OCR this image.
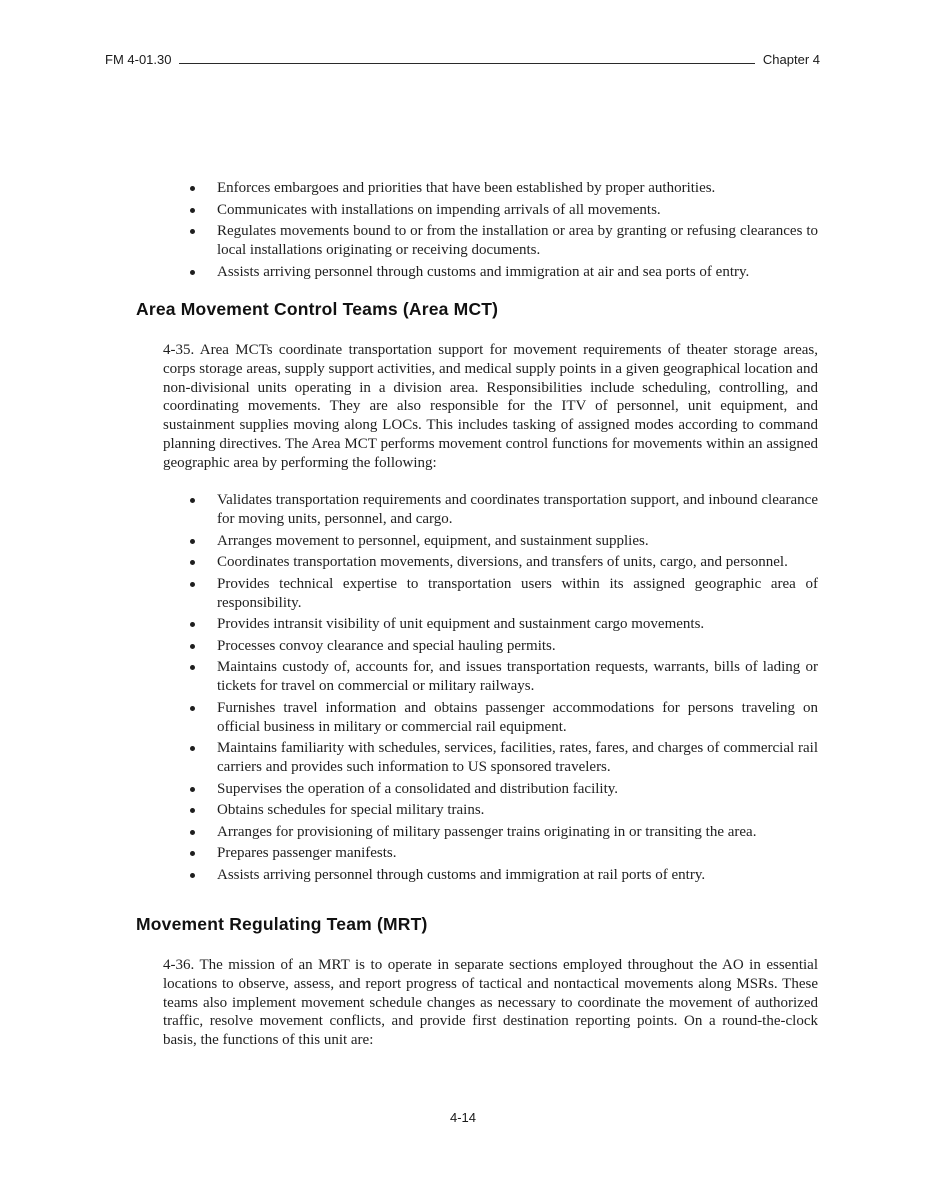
FM 4-01.30	Chapter 4
Enforces embargoes and priorities that have been established by proper authorities.
Communicates with installations on impending arrivals of all movements.
Regulates movements bound to or from the installation or area by granting or refusing clearances to local installations originating or receiving documents.
Assists arriving personnel through customs and immigration at air and sea ports of entry.
Area Movement Control Teams (Area MCT)

4-35. Area MCTs coordinate transportation support for movement requirements of theater storage areas, corps storage areas, supply support activities, and medical supply points in a given geographical location and non-divisional units operating in a division area. Responsibilities include scheduling, controlling, and coordinating movements. They are also responsible for the ITV of personnel, unit equipment, and sustainment supplies moving along LOCs. This includes tasking of assigned modes according to command planning directives. The Area MCT performs movement control functions for movements within an assigned geographic area by performing the following:

Validates transportation requirements and coordinates transportation support, and inbound clearance for moving units, personnel, and cargo.
Arranges movement to personnel, equipment, and sustainment supplies.
Coordinates transportation movements, diversions, and transfers of units, cargo, and personnel.
Provides technical expertise to transportation users within its assigned geographic area of responsibility.
Provides intransit visibility of unit equipment and sustainment cargo movements.
Processes convoy clearance and special hauling permits.
Maintains custody of, accounts for, and issues transportation requests, warrants, bills of lading or tickets for travel on commercial or military railways.
Furnishes travel information and obtains passenger accommodations for persons traveling on official business in military or commercial rail equipment.
Maintains familiarity with schedules, services, facilities, rates, fares, and charges of commercial rail carriers and provides such information to US sponsored travelers.
Supervises the operation of a consolidated and distribution facility.
Obtains schedules for special military trains.
Arranges for provisioning of military passenger trains originating in or transiting the area.
Prepares passenger manifests.
Assists arriving personnel through customs and immigration at rail ports of entry.
Movement Regulating Team (MRT)

4-36. The mission of an MRT is to operate in separate sections employed throughout the AO in essential locations to observe, assess, and report progress of tactical and nontactical movements along MSRs. These teams also implement movement schedule changes as necessary to coordinate the movement of authorized traffic, resolve movement conflicts, and provide first destination reporting points. On a round-the-clock basis, the functions of this unit are:

4-14
